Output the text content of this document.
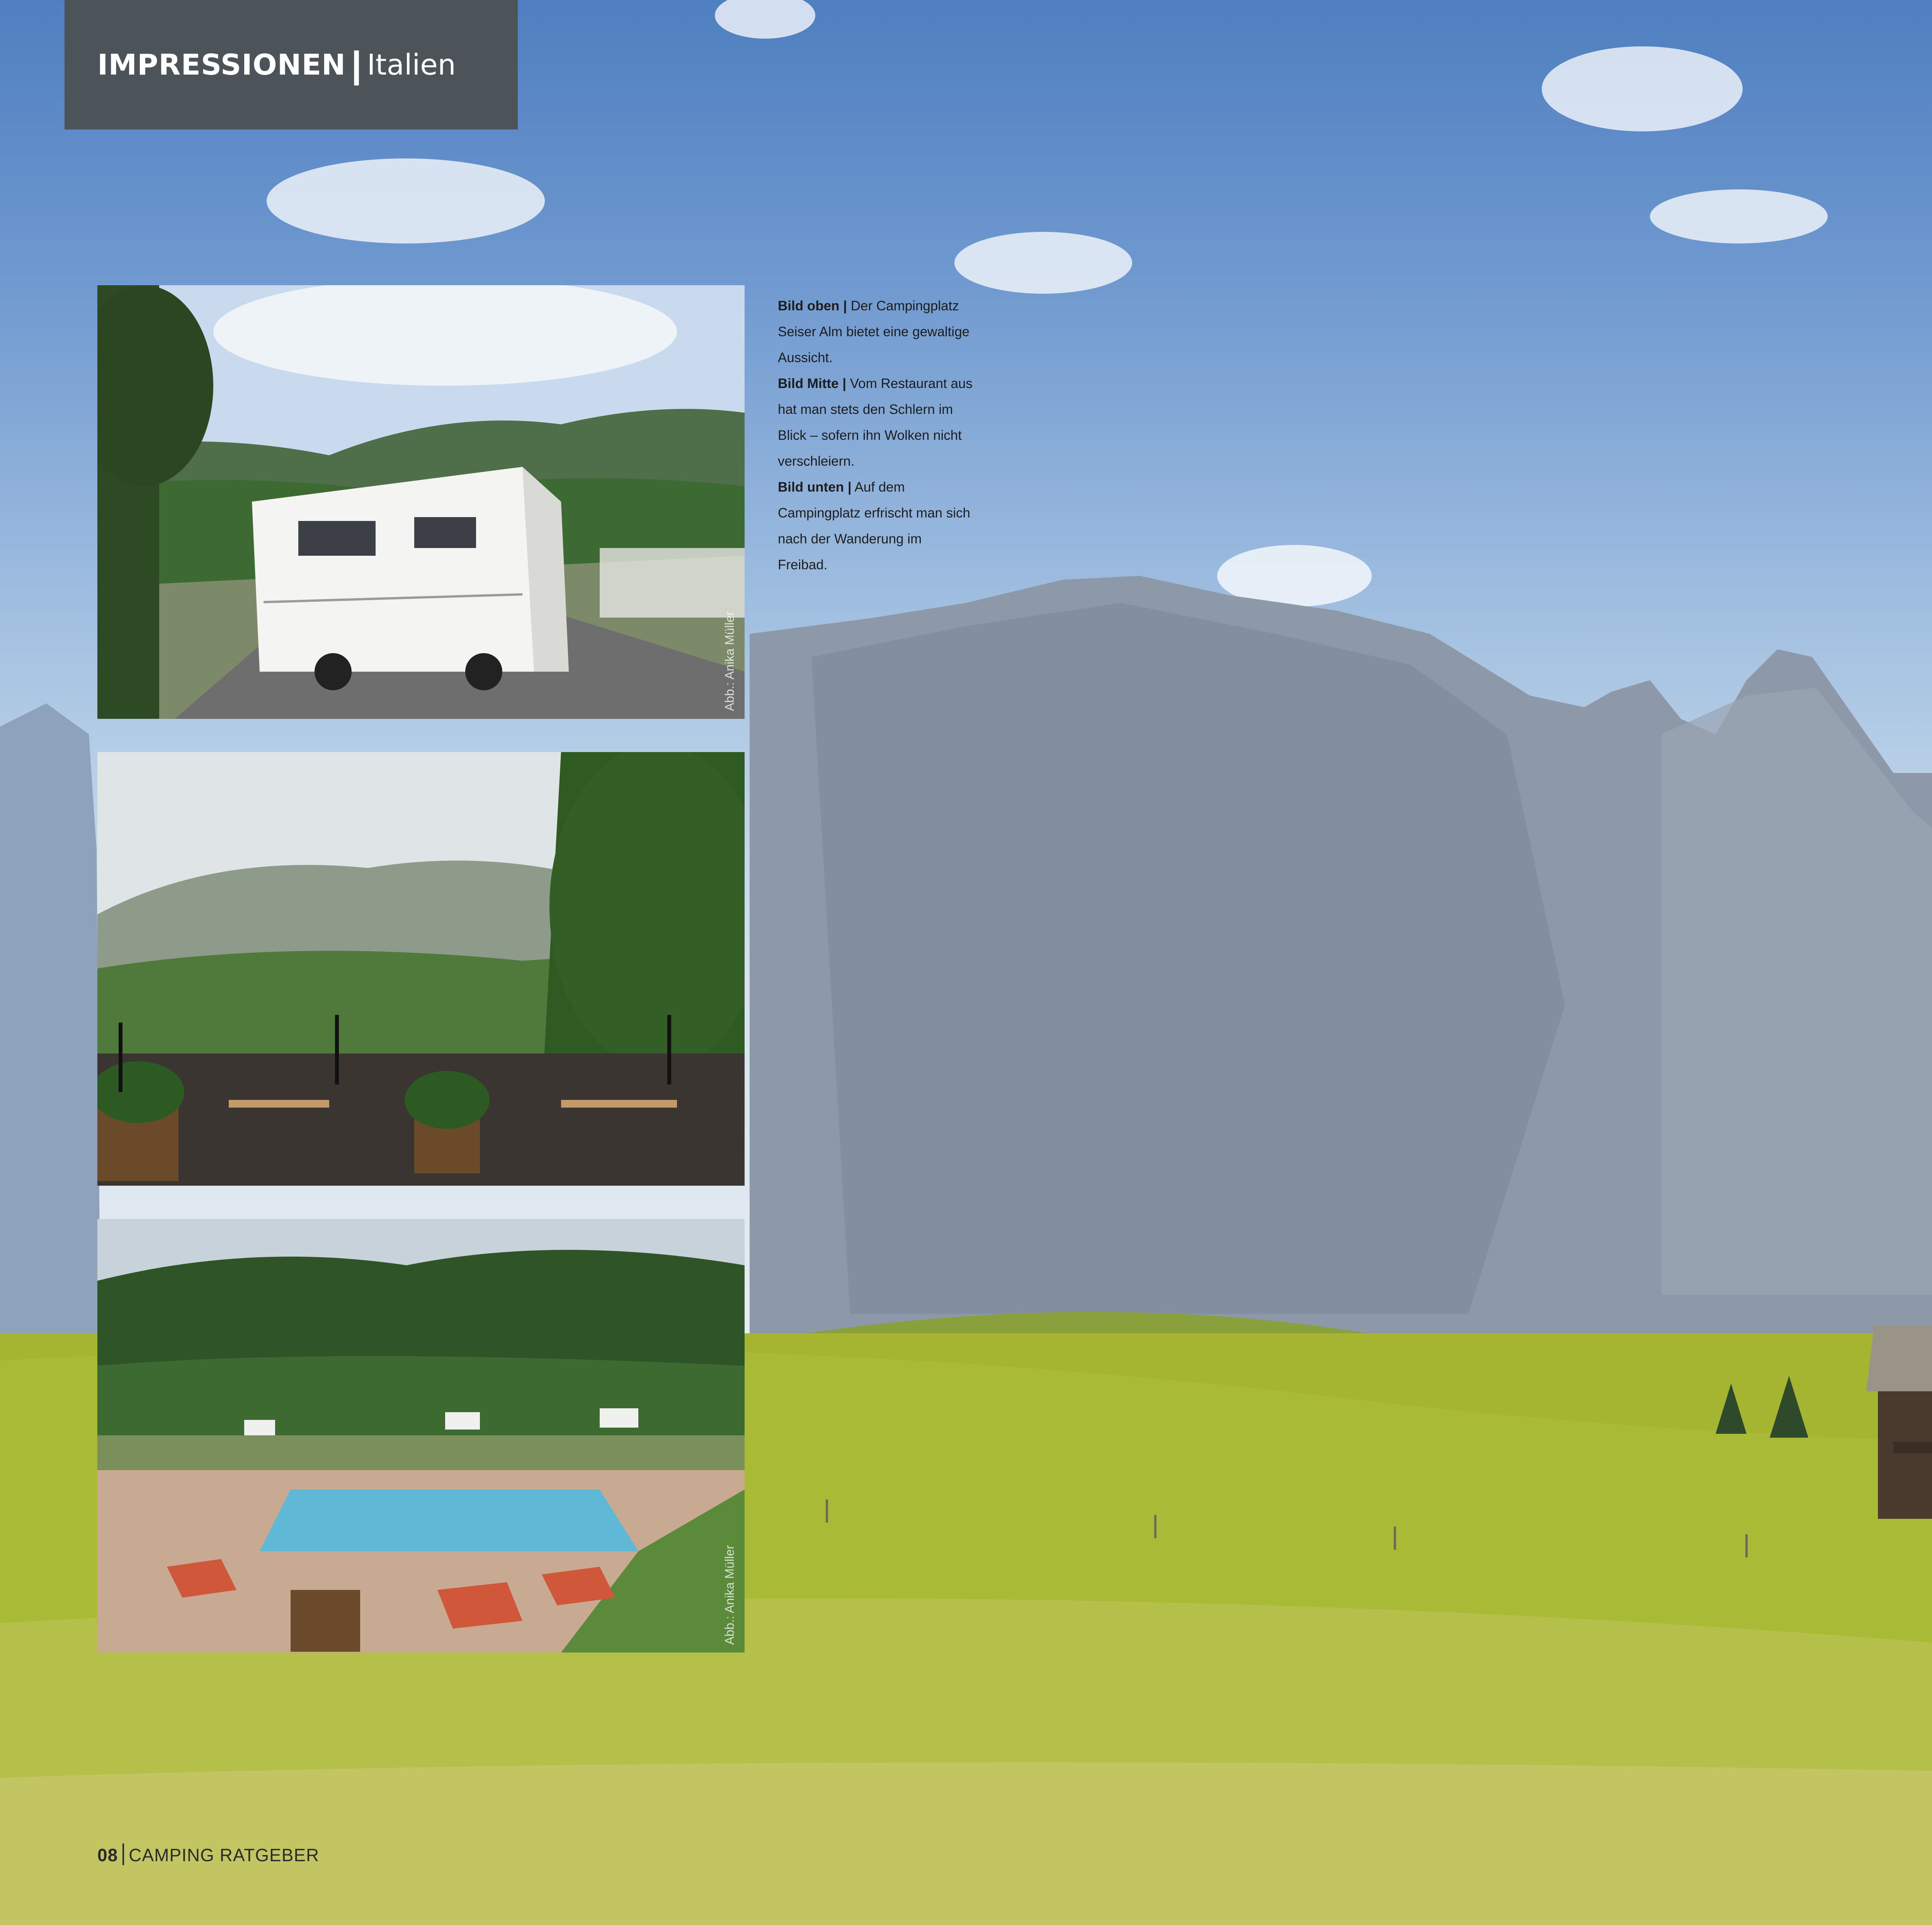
IMPRESSIONEN | Italien
Abb.: Anika Müller
Abb.: Anika Müller

Bild oben | Der Campingplatz Seiser Alm bietet eine gewaltige Aussicht.

Bild Mitte | Vom Restaurant aus hat man stets den Schlern im Blick – sofern ihn Wolken nicht verschleiern.

Bild unten | Auf dem Campingplatz erfrischt man sich nach der Wanderung im Freibad.

08 CAMPING RATGEBER
